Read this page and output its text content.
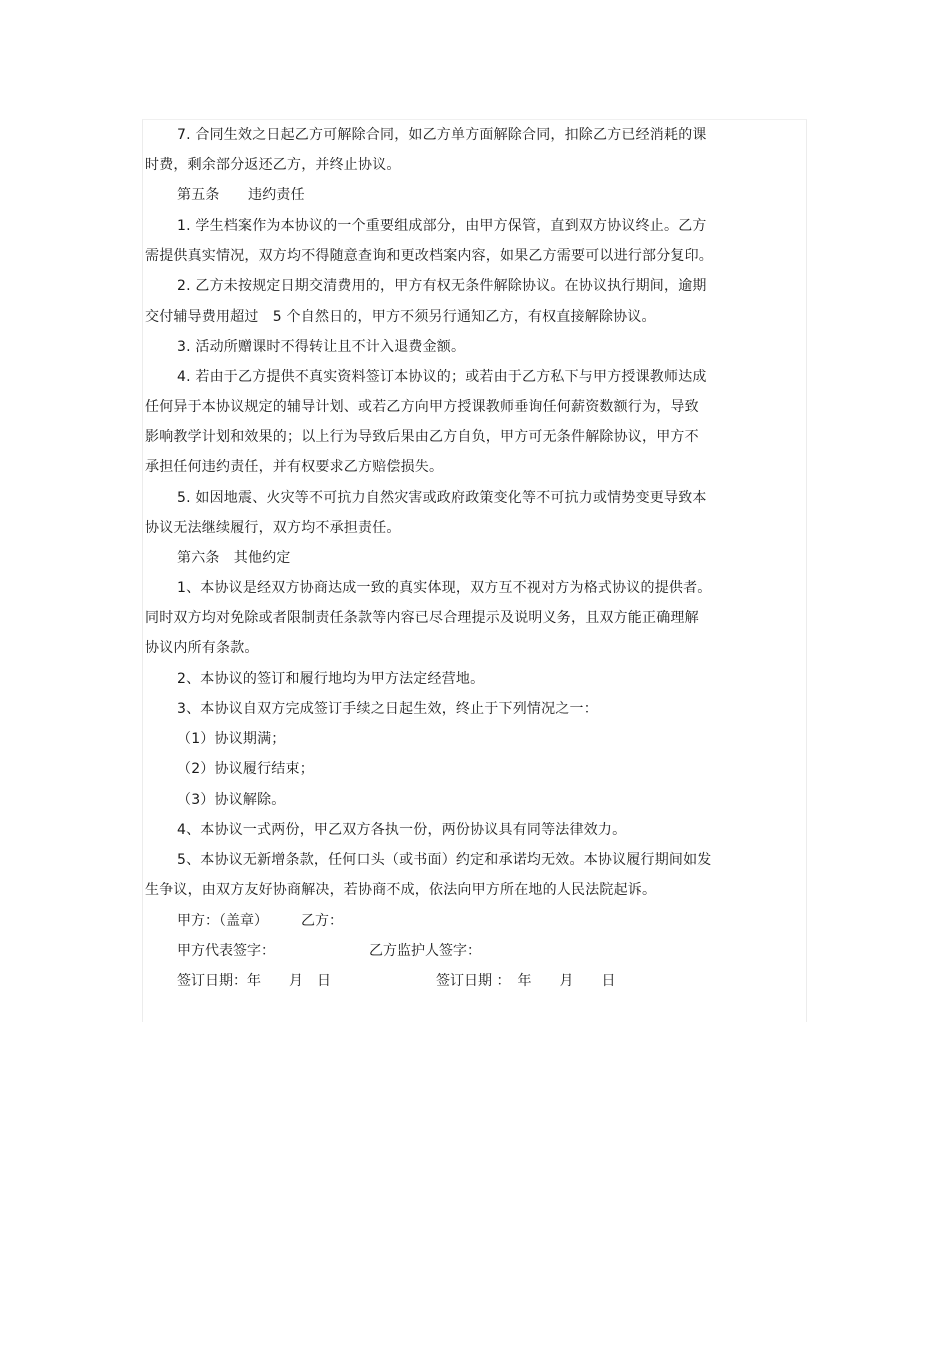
7. 合同生效之日起乙方可解除合同，如乙方单方面解除合同，扣除乙方已经消耗的课
时费，剩余部分返还乙方，并终止协议。
第五条　　违约责任
1. 学生档案作为本协议的一个重要组成部分，由甲方保管，直到双方协议终止。乙方
需提供真实情况，双方均不得随意查询和更改档案内容，如果乙方需要可以进行部分复印。
2. 乙方未按规定日期交清费用的，甲方有权无条件解除协议。在协议执行期间，逾期
交付辅导费用超过　5 个自然日的，甲方不须另行通知乙方，有权直接解除协议。
3. 活动所赠课时不得转让且不计入退费金额。
4. 若由于乙方提供不真实资料签订本协议的；或若由于乙方私下与甲方授课教师达成
任何异于本协议规定的辅导计划、或若乙方向甲方授课教师垂询任何薪资数额行为，导致
影响教学计划和效果的；以上行为导致后果由乙方自负，甲方可无条件解除协议，甲方不
承担任何违约责任，并有权要求乙方赔偿损失。
5. 如因地震、火灾等不可抗力自然灾害或政府政策变化等不可抗力或情势变更导致本
协议无法继续履行，双方均不承担责任。
第六条　其他约定
1、本协议是经双方协商达成一致的真实体现，双方互不视对方为格式协议的提供者。
同时双方均对免除或者限制责任条款等内容已尽合理提示及说明义务，且双方能正确理解
协议内所有条款。
2、本协议的签订和履行地均为甲方法定经营地。
3、本协议自双方完成签订手续之日起生效，终止于下列情况之一：
（1）协议期满；
（2）协议履行结束；
（3）协议解除。
4、本协议一式两份，甲乙双方各执一份，两份协议具有同等法律效力。
5、本协议无新增条款，任何口头（或书面）约定和承诺均无效。本协议履行期间如发
生争议，由双方友好协商解决，若协商不成，依法向甲方所在地的人民法院起诉。
甲方：（盖章） 乙方：
甲方代表签字：	乙方监护人签字：
签订日期：年　　月　日	签订日期 ：　年　　月　　日
